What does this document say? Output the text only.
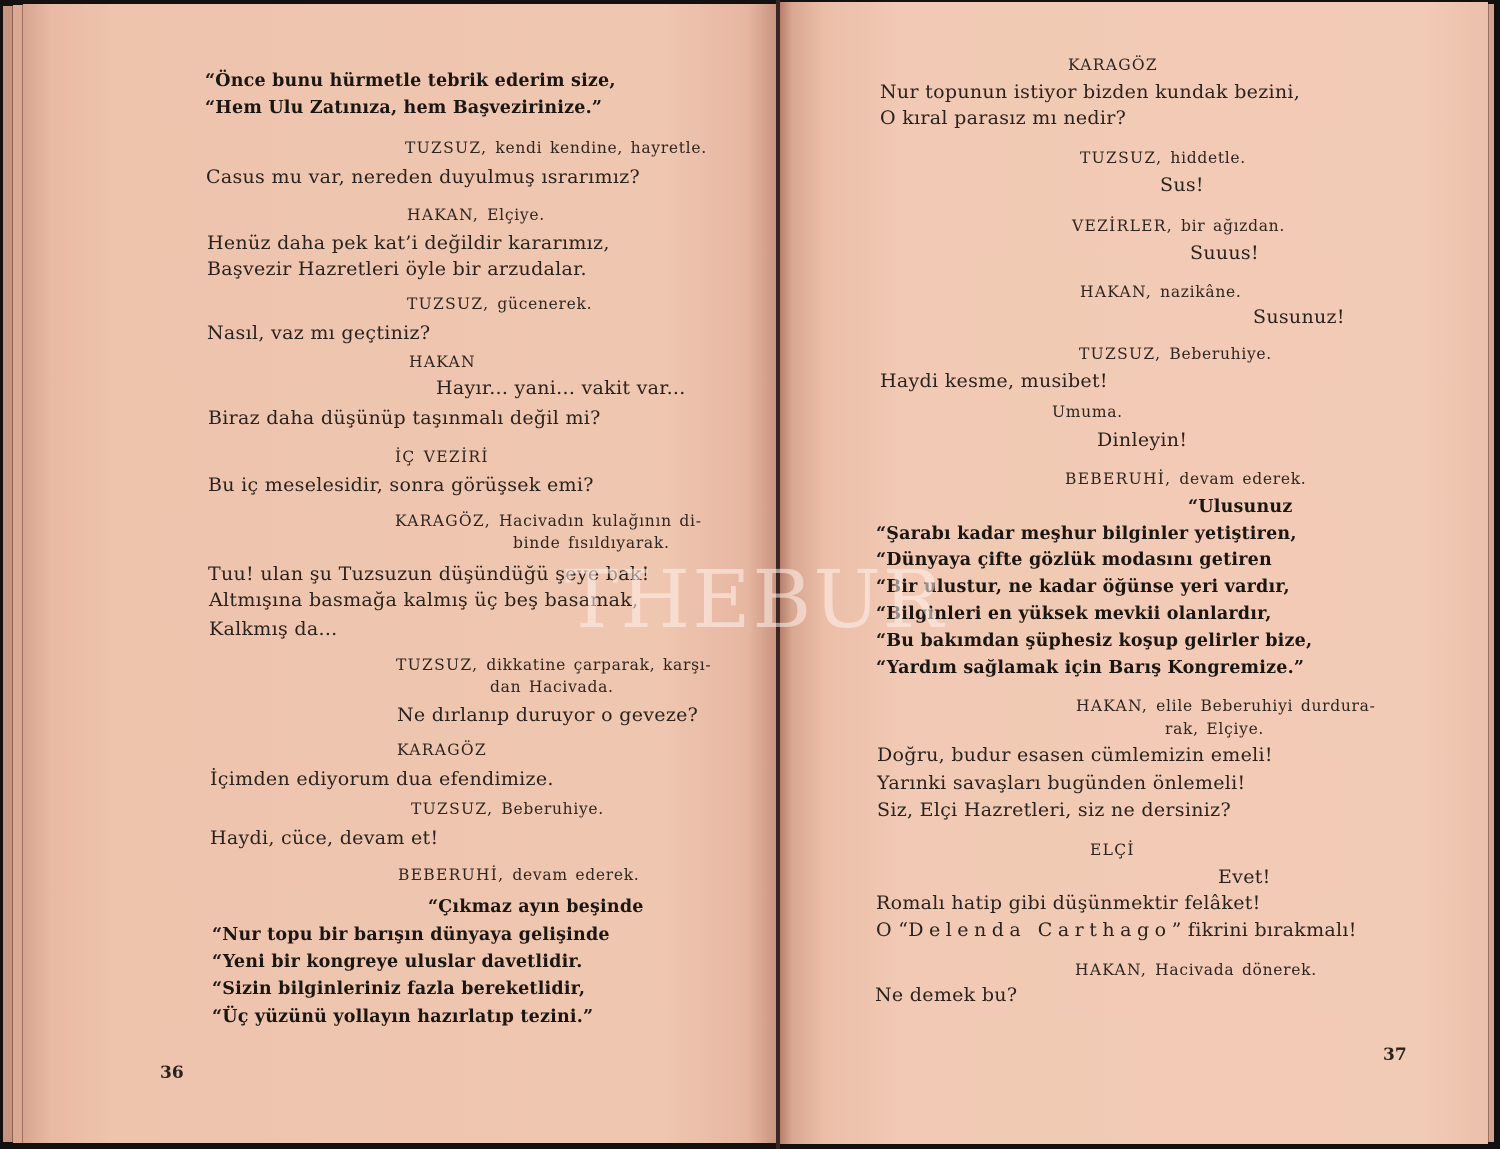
“Önce bunu hürmetle tebrik ederim size,
“Hem Ulu Zatınıza, hem Başvezirinize.”
TUZSUZ, kendi kendine, hayretle.
Casus mu var, nereden duyulmuş ısrarımız?
HAKAN, Elçiye.
Henüz daha pek kat’i değildir kararımız,
Başvezir Hazretleri öyle bir arzudalar.
TUZSUZ, gücenerek.
Nasıl, vaz mı geçtiniz?
HAKAN
Hayır... yani... vakit var...
Biraz daha düşünüp taşınmalı değil mi?
İÇ VEZİRİ
Bu iç meselesidir, sonra görüşsek emi?
KARAGÖZ, Hacivadın kulağının di-
binde fısıldıyarak.
Tuu! ulan şu Tuzsuzun düşündüğü şeye bak!
Altmışına basmağa kalmış üç beş basamak,
Kalkmış da...
TUZSUZ, dikkatine çarparak, karşı-
dan Hacivada.
Ne dırlanıp duruyor o geveze?
KARAGÖZ
İçimden ediyorum dua efendimize.
TUZSUZ, Beberuhiye.
Haydi, cüce, devam et!
BEBERUHİ, devam ederek.
“Çıkmaz ayın beşinde
“Nur topu bir barışın dünyaya gelişinde
“Yeni bir kongreye uluslar davetlidir.
“Sizin bilginleriniz fazla bereketlidir,
“Üç yüzünü yollayın hazırlatıp tezini.”
36
KARAGÖZ
Nur topunun istiyor bizden kundak bezini,
O kıral parasız mı nedir?
TUZSUZ, hiddetle.
Sus!
VEZİRLER, bir ağızdan.
Suuus!
HAKAN, nazikâne.
Susunuz!
TUZSUZ, Beberuhiye.
Haydi kesme, musibet!
Umuma.
Dinleyin!
BEBERUHİ, devam ederek.
“Ulusunuz
“Şarabı kadar meşhur bilginler yetiştiren,
“Dünyaya çifte gözlük modasını getiren
“Bir ulustur, ne kadar öğünse yeri vardır,
“Bilginleri en yüksek mevkii olanlardır,
“Bu bakımdan şüphesiz koşup gelirler bize,
“Yardım sağlamak için Barış Kongremize.”
HAKAN, elile Beberuhiyi durdura-
rak, Elçiye.
Doğru, budur esasen cümlemizin emeli!
Yarınki savaşları bugünden önlemeli!
Siz, Elçi Hazretleri, siz ne dersiniz?
ELÇİ
Evet!
Romalı hatip gibi düşünmektir felâket!
O “Delenda Carthago” fikrini bırakmalı!
HAKAN, Hacivada dönerek.
Ne demek bu?
37
THEBUR
